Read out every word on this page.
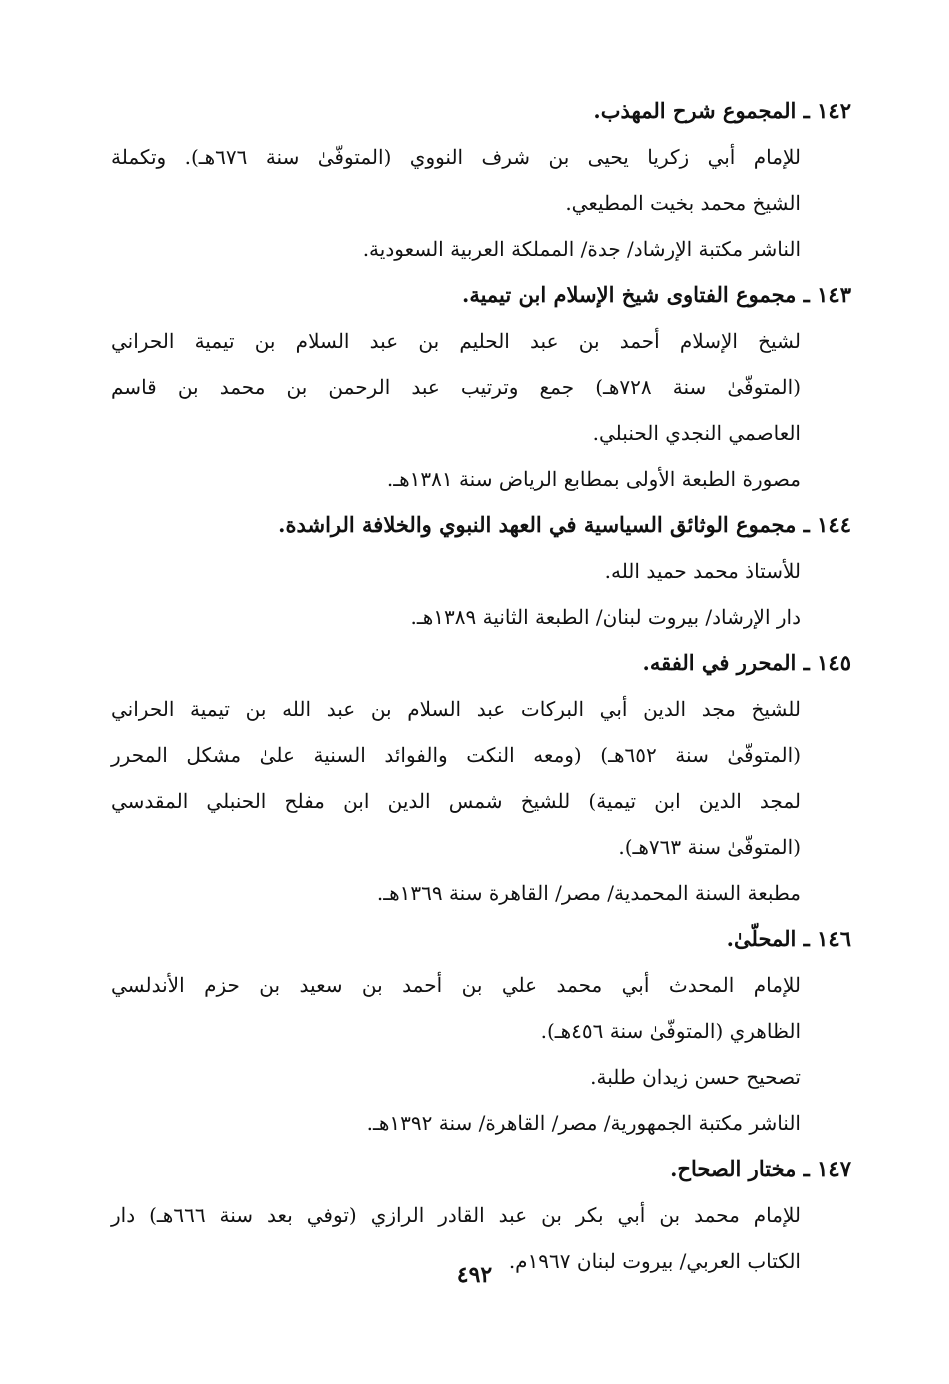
١٤٢ ـ المجموع شرح المهذب.

للإمام أبي زكريا يحيى بن شرف النووي (المتوفّىٰ سنة ٦٧٦هـ). وتكملة

الشيخ محمد بخيت المطيعي.

الناشر مكتبة الإرشاد/ جدة/ المملكة العربية السعودية.

١٤٣ ـ مجموع الفتاوى شيخ الإسلام ابن تيمية.

لشيخ الإسلام أحمد بن عبد الحليم بن عبد السلام بن تيمية الحراني

(المتوفّىٰ سنة ٧٢٨هـ) جمع وترتيب عبد الرحمن بن محمد بن قاسم

العاصمي النجدي الحنبلي.

مصورة الطبعة الأولى بمطابع الرياض سنة ١٣٨١هـ.

١٤٤ ـ مجموع الوثائق السياسية في العهد النبوي والخلافة الراشدة.

للأستاذ محمد حميد الله.

دار الإرشاد/ بيروت لبنان/ الطبعة الثانية ١٣٨٩هـ.

١٤٥ ـ المحرر في الفقه.

للشيخ مجد الدين أبي البركات عبد السلام بن عبد الله بن تيمية الحراني

(المتوفّىٰ سنة ٦٥٢هـ) (ومعه النكت والفوائد السنية علىٰ مشكل المحرر

لمجد الدين ابن تيمية) للشيخ شمس الدين ابن مفلح الحنبلي المقدسي

(المتوفّىٰ سنة ٧٦٣هـ).

مطبعة السنة المحمدية/ مصر/ القاهرة سنة ١٣٦٩هـ.

١٤٦ ـ المحلّىٰ.

للإمام المحدث أبي محمد علي بن أحمد بن سعيد بن حزم الأندلسي

الظاهري (المتوفّىٰ سنة ٤٥٦هـ).

تصحيح حسن زيدان طلبة.

الناشر مكتبة الجمهورية/ مصر/ القاهرة/ سنة ١٣٩٢هـ.

١٤٧ ـ مختار الصحاح.

للإمام محمد بن أبي بكر بن عبد القادر الرازي (توفي بعد سنة ٦٦٦هـ) دار

الكتاب العربي/ بيروت لبنان ١٩٦٧م.

٤٩٢
